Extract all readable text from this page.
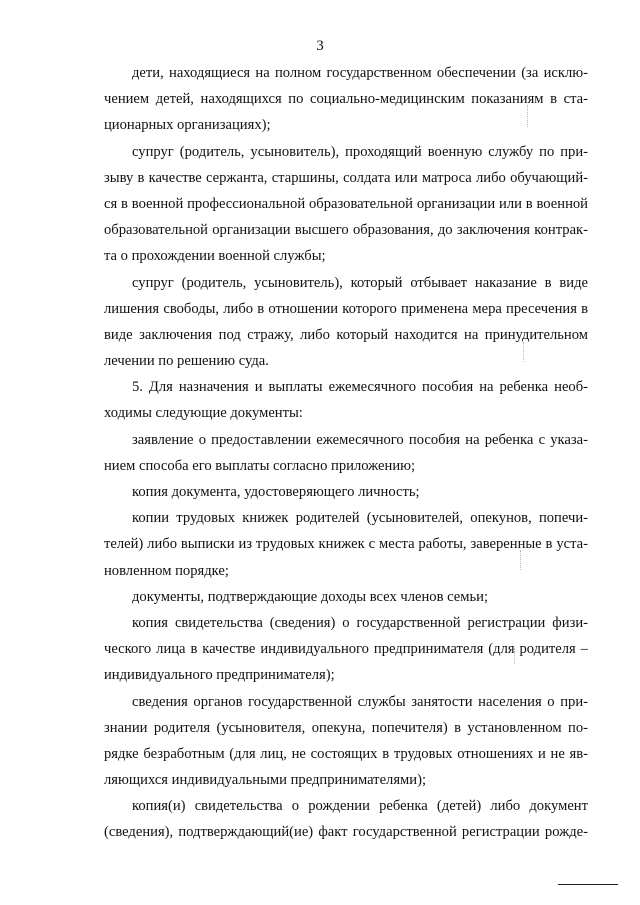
3
дети, находящиеся на полном государственном обеспечении (за исклю-
чением детей, находящихся по социально-медицинским показаниям в ста-
ционарных организациях);
супруг (родитель, усыновитель), проходящий военную службу по при-
зыву в качестве сержанта, старшины, солдата или матроса либо обучающий-
ся в военной профессиональной образовательной организации или в военной
образовательной организации высшего образования, до заключения контрак-
та о прохождении военной службы;
супруг (родитель, усыновитель), который отбывает наказание в виде
лишения свободы, либо в отношении которого применена мера пресечения в
виде заключения под стражу, либо который находится на принудительном
лечении по решению суда.
5. Для назначения и выплаты ежемесячного пособия на ребенка необ-
ходимы следующие документы:
заявление о предоставлении ежемесячного пособия на ребенка с указа-
нием способа его выплаты согласно приложению;
копия документа, удостоверяющего личность;
копии трудовых книжек родителей (усыновителей, опекунов, попечи-
телей) либо выписки из трудовых книжек с места работы, заверенные в уста-
новленном порядке;
документы, подтверждающие доходы всех членов семьи;
копия свидетельства (сведения) о государственной регистрации физи-
ческого лица в качестве индивидуального предпринимателя (для родителя –
индивидуального предпринимателя);
сведения органов государственной службы занятости населения о при-
знании родителя (усыновителя, опекуна, попечителя) в установленном по-
рядке безработным (для лиц, не состоящих в трудовых отношениях и не яв-
ляющихся индивидуальными предпринимателями);
копия(и) свидетельства о рождении ребенка (детей) либо документ
(сведения), подтверждающий(ие) факт государственной регистрации рожде-
